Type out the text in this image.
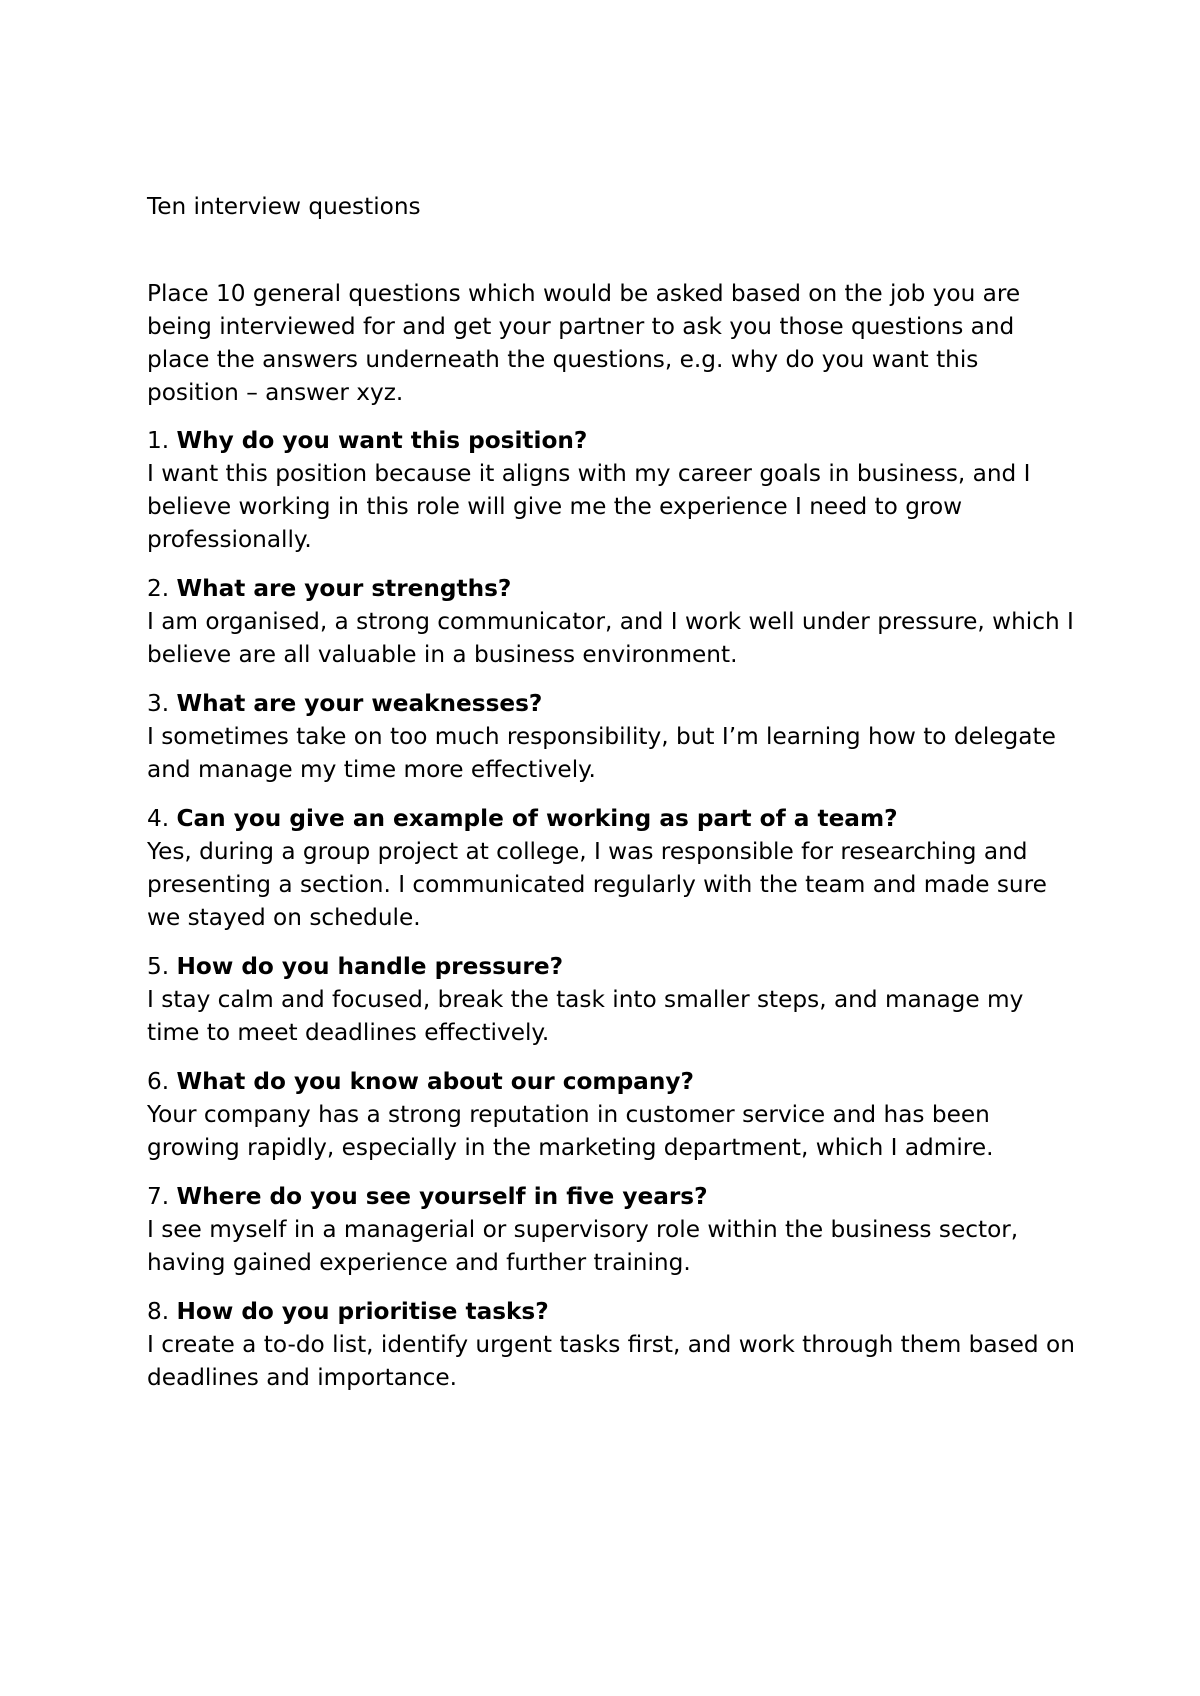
Ten interview questions

Place 10 general questions which would be asked based on the job you are being interviewed for and get your partner to ask you those questions and place the answers underneath the questions, e.g. why do you want this position – answer xyz.

1. Why do you want this position?

I want this position because it aligns with my career goals in business, and I believe working in this role will give me the experience I need to grow professionally.

2. What are your strengths?

I am organised, a strong communicator, and I work well under pressure, which I believe are all valuable in a business environment.

3. What are your weaknesses?

I sometimes take on too much responsibility, but I’m learning how to delegate and manage my time more effectively.

4. Can you give an example of working as part of a team?

Yes, during a group project at college, I was responsible for researching and presenting a section. I communicated regularly with the team and made sure we stayed on schedule.

5. How do you handle pressure?

I stay calm and focused, break the task into smaller steps, and manage my time to meet deadlines effectively.

6. What do you know about our company?

Your company has a strong reputation in customer service and has been growing rapidly, especially in the marketing department, which I admire.

7. Where do you see yourself in five years?

I see myself in a managerial or supervisory role within the business sector, having gained experience and further training.

8. How do you prioritise tasks?

I create a to-do list, identify urgent tasks first, and work through them based on deadlines and importance.
